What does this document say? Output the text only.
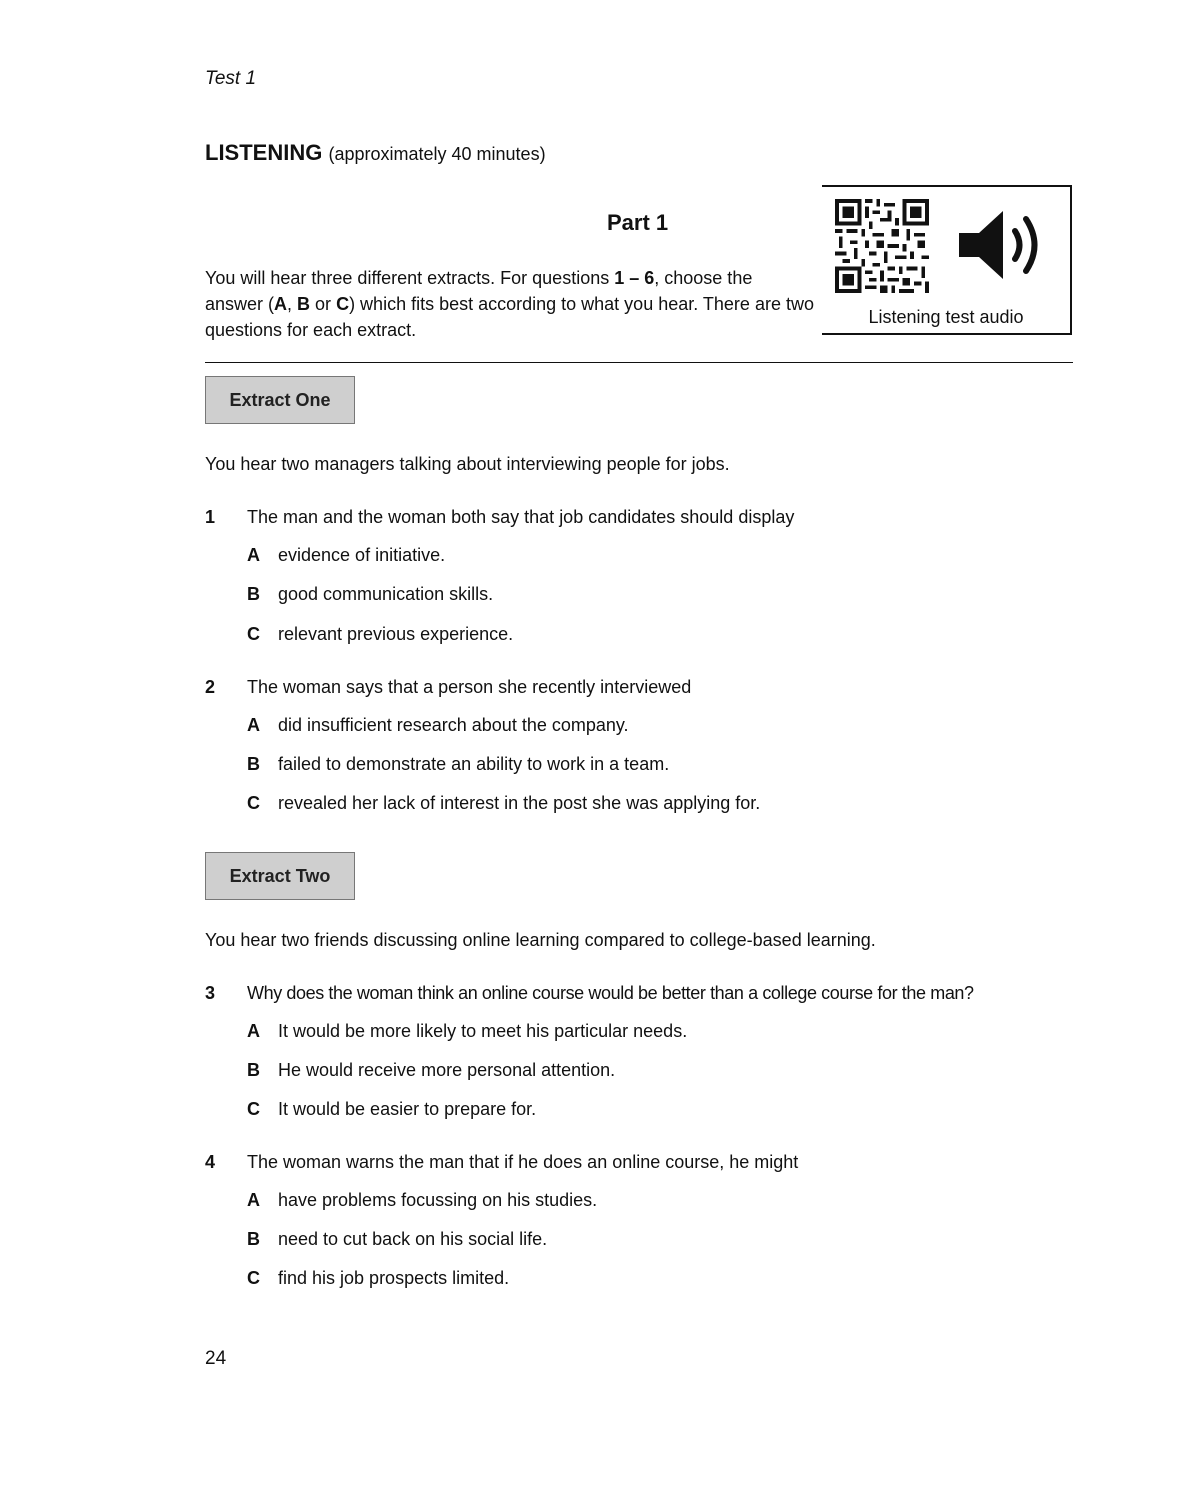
Test 1
LISTENING (approximately 40 minutes)
Part 1
You will hear three different extracts. For questions 1 – 6, choose the answer (A, B or C) which fits best according to what you hear. There are two questions for each extract.
Listening test audio
Extract One
You hear two managers talking about interviewing people for jobs.
1 The man and the woman both say that job candidates should display
A evidence of initiative.
B good communication skills.
C relevant previous experience.
2 The woman says that a person she recently interviewed
A did insufficient research about the company.
B failed to demonstrate an ability to work in a team.
C revealed her lack of interest in the post she was applying for.
Extract Two
You hear two friends discussing online learning compared to college-based learning.
3 Why does the woman think an online course would be better than a college course for the man?
A It would be more likely to meet his particular needs.
B He would receive more personal attention.
C It would be easier to prepare for.
4 The woman warns the man that if he does an online course, he might
A have problems focussing on his studies.
B need to cut back on his social life.
C find his job prospects limited.
24
